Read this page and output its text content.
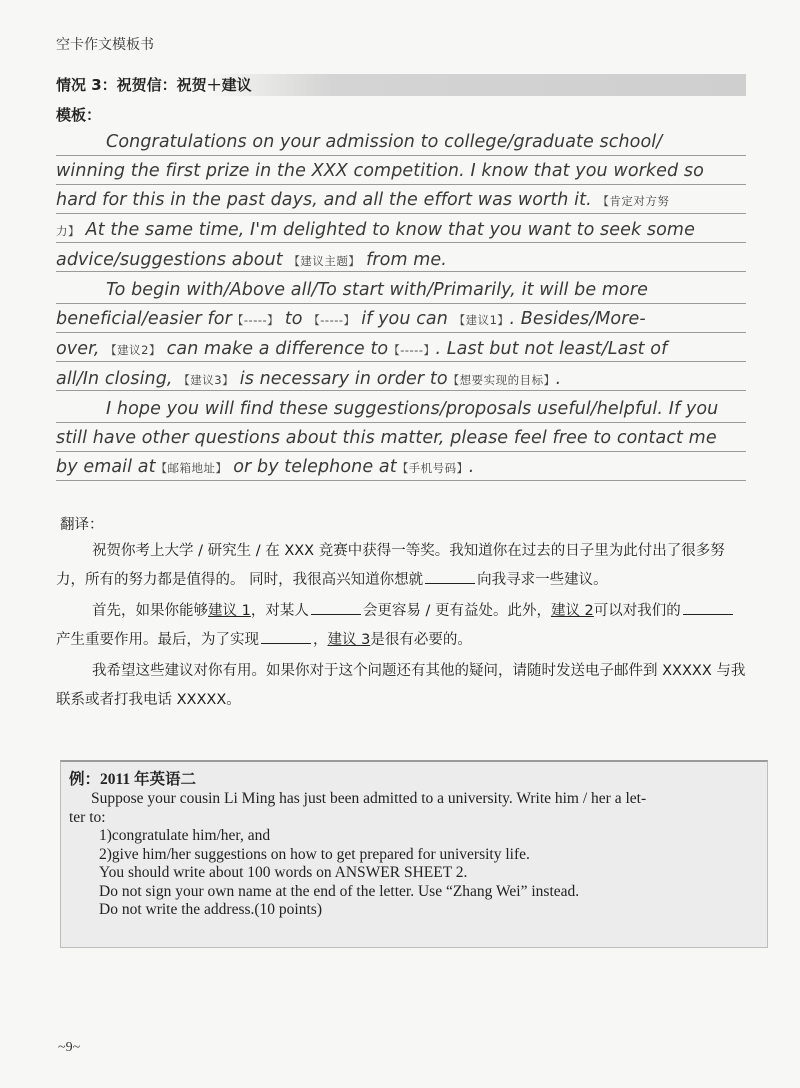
空卡作文模板书
情况 3：祝贺信：祝贺＋建议
模板：

Congratulations on your admission to college/graduate school/
winning the first prize in the XXX competition. I know that you worked so
hard for this in the past days, and all the effort was worth it. 【肯定对方努
力】 At the same time, I'm delighted to know that you want to seek some
advice/suggestions about 【建议主题】 from me.

To begin with/Above all/To start with/Primarily, it will be more
beneficial/easier for【-----】 to 【-----】 if you can 【建议1】. Besides/More-
over, 【建议2】 can make a difference to【-----】. Last but not least/Last of
all/In closing, 【建议3】 is necessary in order to【想要实现的目标】.

I hope you will find these suggestions/proposals useful/helpful. If you
still have other questions about this matter, please feel free to contact me
by email at【邮箱地址】 or by telephone at【手机号码】.

翻译：

祝贺你考上大学 / 研究生 / 在 XXX 竞赛中获得一等奖。我知道你在过去的日子里为此付出了很多努力，所有的努力都是值得的。 同时，我很高兴知道你想就	向我寻求一些建议。

首先，如果你能够建议 1，对某人	会更容易 / 更有益处。此外，建议 2可以对我们的产生重要作用。最后，为了实现	，建议 3是很有必要的。

我希望这些建议对你有用。如果你对于这个问题还有其他的疑问，请随时发送电子邮件到 XXXXX 与我联系或者打我电话 XXXXX。

例：2011 年英语二
Suppose your cousin Li Ming has just been admitted to a university. Write him / her a let-
ter to:
1)congratulate him/her, and
2)give him/her suggestions on how to get prepared for university life.
You should write about 100 words on ANSWER SHEET 2.
Do not sign your own name at the end of the letter. Use “Zhang Wei” instead.
Do not write the address.(10 points)
~9~
